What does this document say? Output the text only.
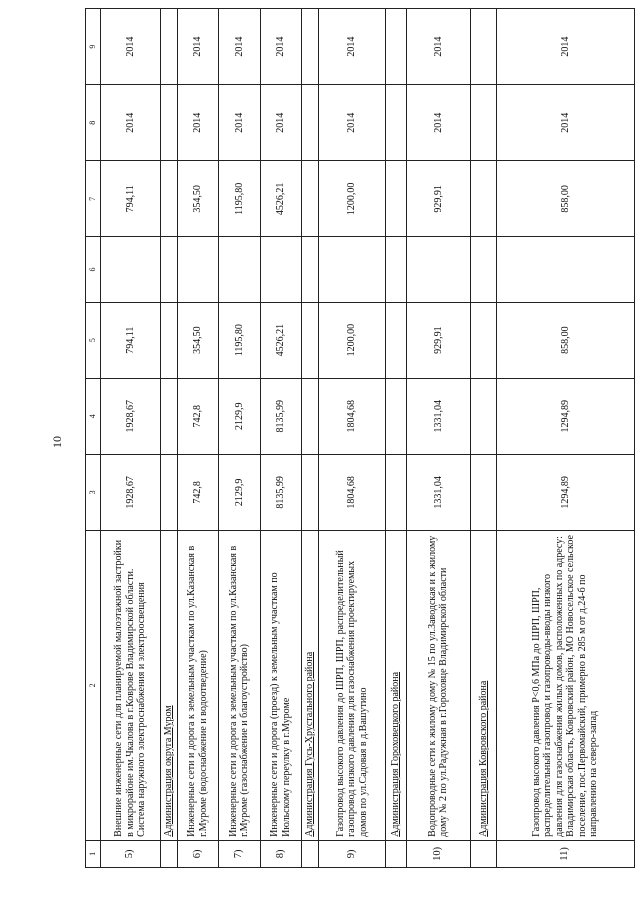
10
1	2	3	4	5	6	7	8	9
5)	Внешние инженерные сети для планируемой малоэтажной застройки в микрорайоне им.Чкалова в г.Коврове Владимирской области. Система наружного электроснабжения и электроосвещения	1928,67	1928,67	794,11		794,11	2014	2014
	Администрация округа Муром							
6)	Инженерные сети и дорога к земельным участкам по ул.Казанская в г.Муроме (водоснабжение и водоотведение)	742,8	742,8	354,50		354,50	2014	2014
7)	Инженерные сети и дорога к земельным участкам по ул.Казанская в г.Муроме (газоснабжение и благоустройство)	2129,9	2129,9	1195,80		1195,80	2014	2014
8)	Инженерные сети и дорога (проезд) к земельным участкам по Июльскому переулку в г.Муроме	8135,99	8135,99	4526,21		4526,21	2014	2014
	Администрация Гусь-Хрустального района							
9)	Газопровод высокого давления до ШРП, ШРП, распределительный газопровод низкого давления для газоснабжения проектируемых домов по ул.Садовая в д.Вашутино	1804,68	1804,68	1200,00		1200,00	2014	2014
	Администрация Гороховецкого района							
10)	Водопроводные сети к жилому дому № 15 по ул.Заводская и к жилому дому № 2 по ул.Радужная в г.Гороховце Владимирской области	1331,04	1331,04	929,91		929,91	2014	2014
	Администрация Ковровского района							
11)	Газопровод высокого давления Р<0,6 МПа до ШРП, ШРП, распределительный газопровод и газопроводы-вводы низкого давления для газоснабжения жилых домов, расположенных по адресу: Владимирская область, Ковровский район, МО Новосельское сельское поселение, пос.Первомайский, примерно в 285 м от д.24-б по направлению на северо-запад	1294,89	1294,89	858,00		858,00	2014	2014
